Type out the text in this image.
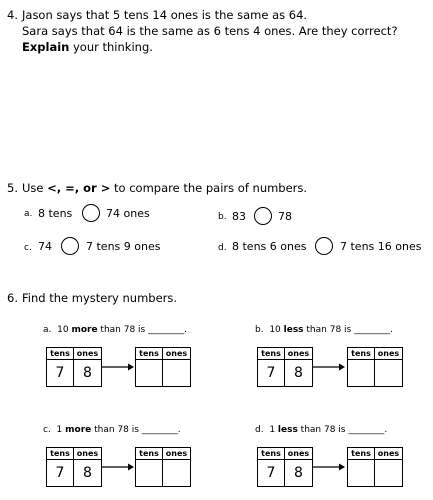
4. Jason says that 5 tens 14 ones is the same as 64.
Sara says that 64 is the same as 6 tens 4 ones. Are they correct?
Explain your thinking.
5. Use <, =, or > to compare the pairs of numbers.
a. 8 tens	74 ones	b. 83	78
c. 74	7 tens 9 ones	d. 8 tens 6 ones	7 tens 16 ones
6. Find the mystery numbers.
a. 10 more than 78 is ________.
tens ones
7	8
tens ones
b. 10 less than 78 is ________.
tens ones
7	8
tens ones
c. 1 more than 78 is ________.
tens ones
7	8
tens ones
d. 1 less than 78 is ________.
tens ones
7	8
tens ones
